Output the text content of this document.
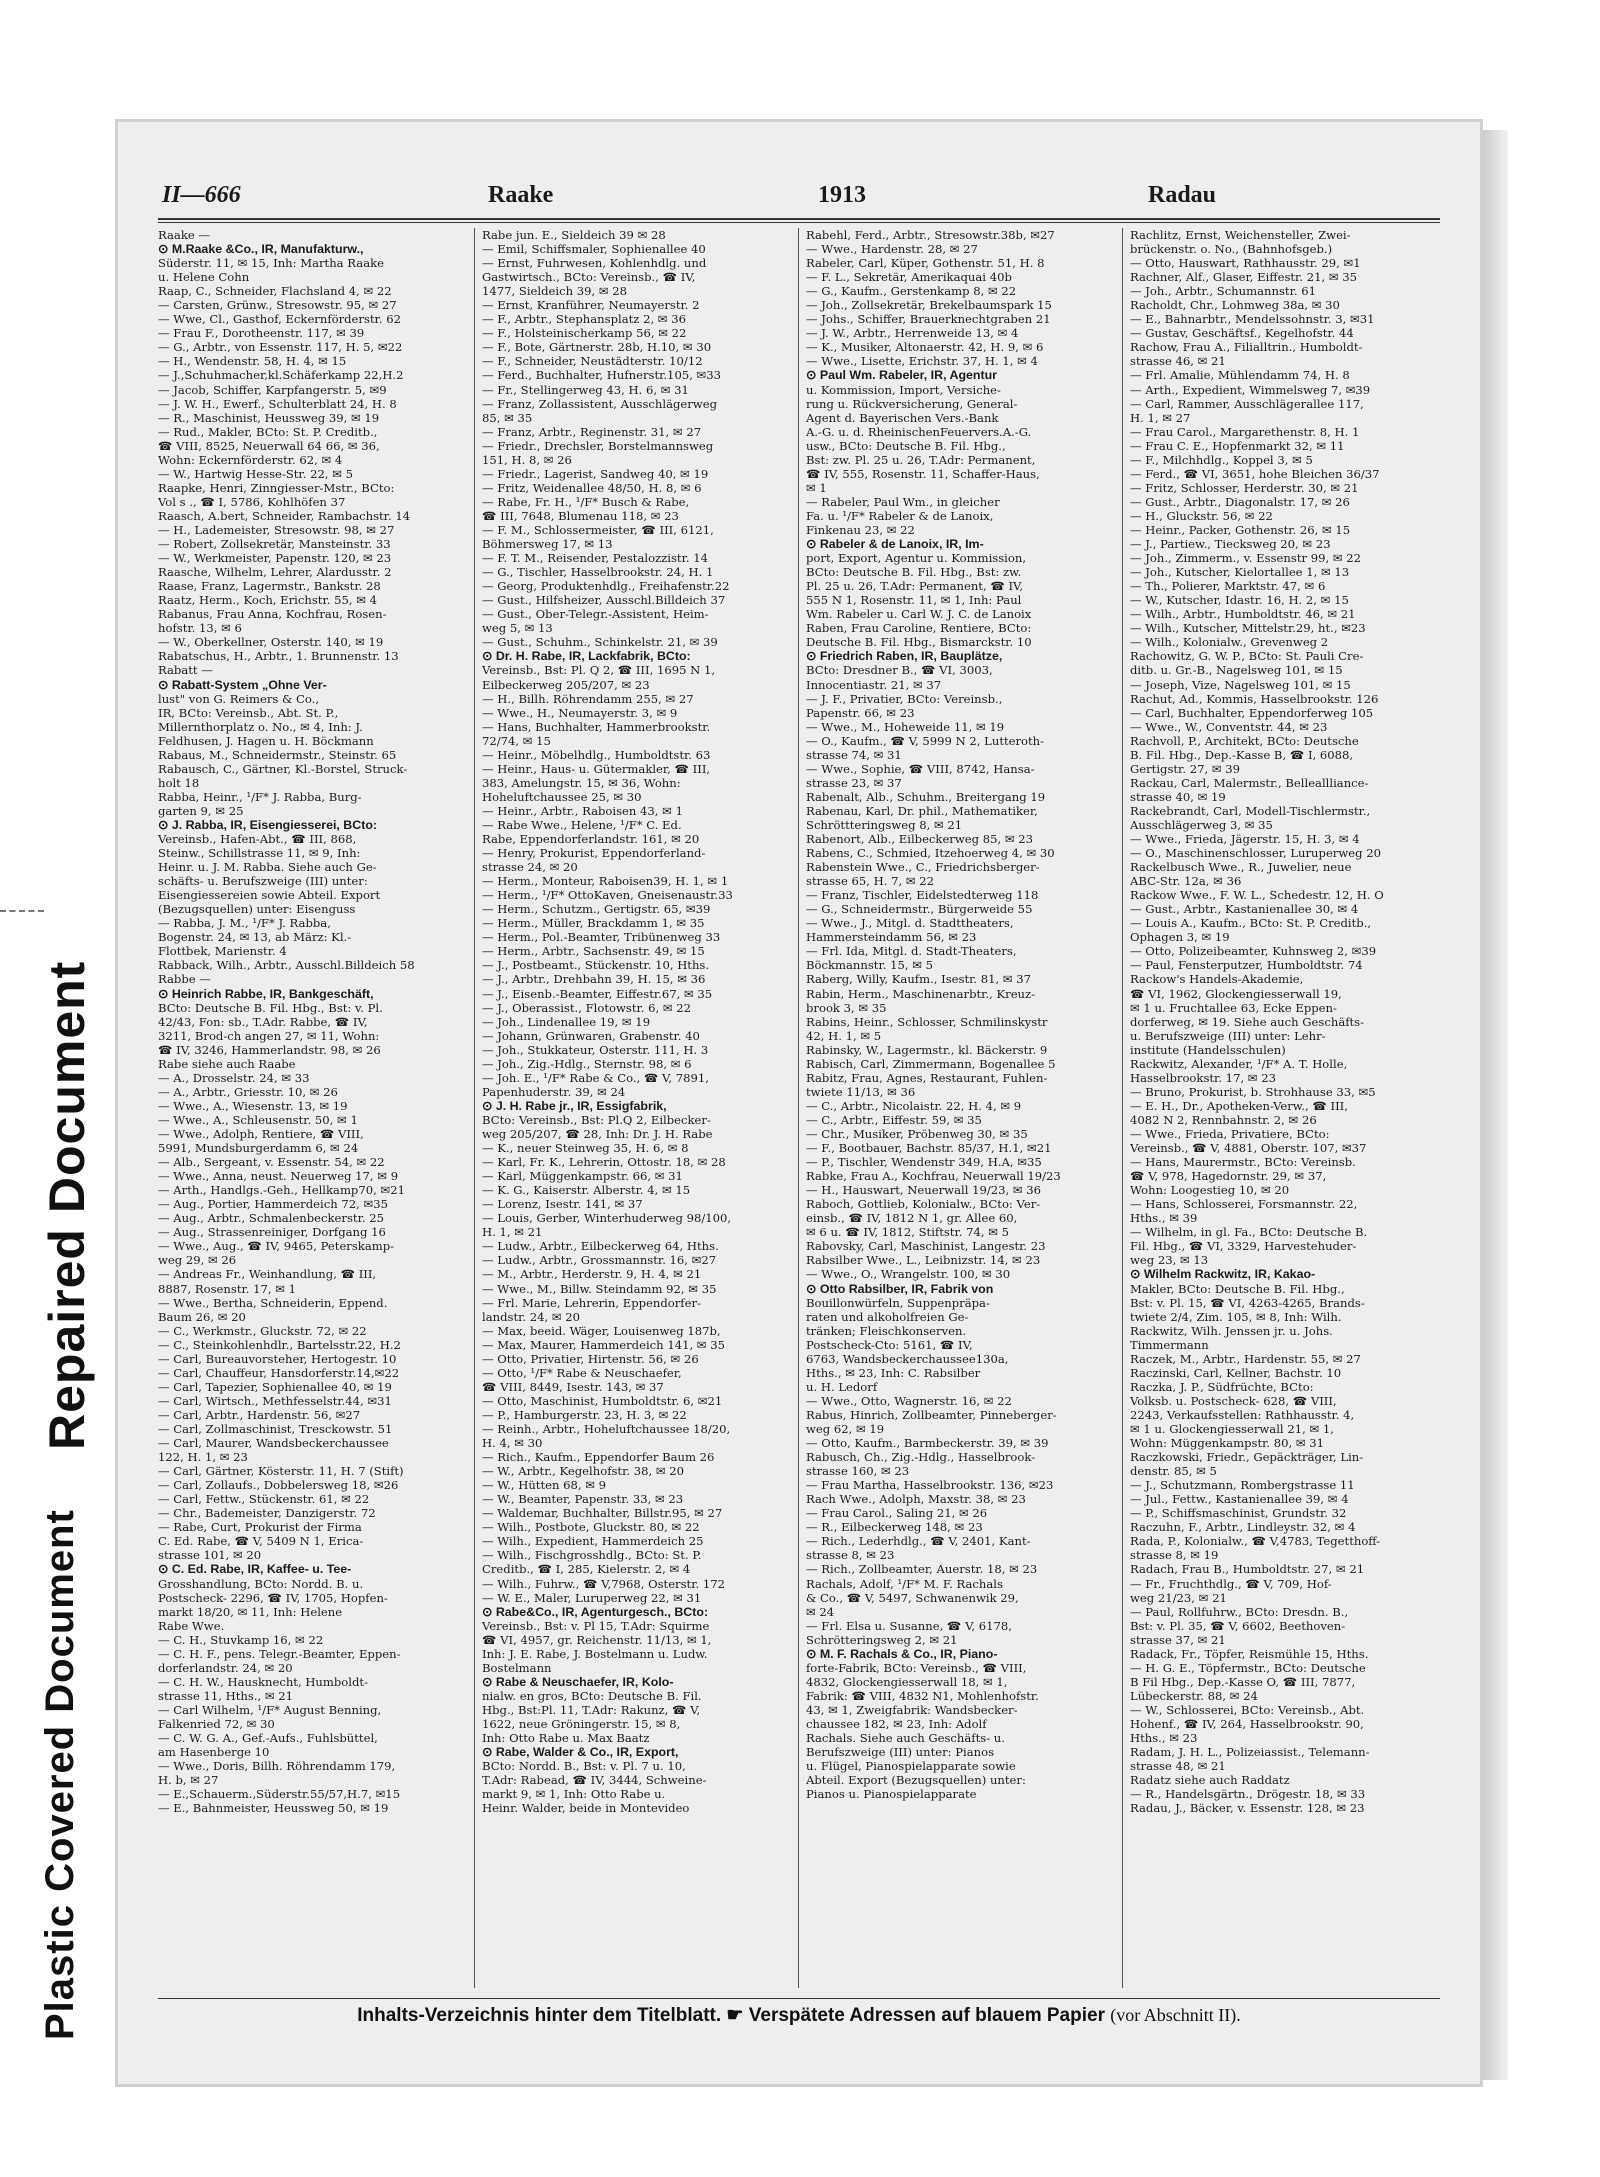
Repaired Document
Plastic Covered Document
II—666	Raake	1913	Radau
Raake —
⊙ M.Raake &Co., IR, Manufakturw.,
Süderstr. 11, ✉ 15, Inh: Martha Raake
u. Helene Cohn
Raap, C., Schneider, Flachsland 4, ✉ 22
— Carsten, Grünw., Stresowstr. 95, ✉ 27
— Wwe, Cl., Gasthof, Eckernförderstr. 62
— Frau F., Dorotheenstr. 117, ✉ 39
— G., Arbtr., von Essenstr. 117, H. 5, ✉22
— H., Wendenstr. 58, H. 4, ✉ 15
— J.,Schuhmacher,kl.Schäferkamp 22,H.2
— Jacob, Schiffer, Karpfangerstr. 5, ✉9
— J. W. H., Ewerf., Schulterblatt 24, H. 8
— R., Maschinist, Heussweg 39, ✉ 19
— Rud., Makler, BCto: St. P. Creditb.,
☎ VIII, 8525, Neuerwall 64 66, ✉ 36,
Wohn: Eckernförderstr. 62, ✉ 4
— W., Hartwig Hesse-Str. 22, ✉ 5
Raapke, Henri, Zinngiesser-Mstr., BCto:
Vol s ., ☎ I, 5786, Kohlhöfen 37
Raasch, A.bert, Schneider, Rambachstr. 14
— H., Lademeister, Stresowstr. 98, ✉ 27
— Robert, Zollsekretär, Mansteinstr. 33
— W., Werkmeister, Papenstr. 120, ✉ 23
Raasche, Wilhelm, Lehrer, Alardusstr. 2
Raase, Franz, Lagermstr., Bankstr. 28
Raatz, Herm., Koch, Erichstr. 55, ✉ 4
Rabanus, Frau Anna, Kochfrau, Rosen-
hofstr. 13, ✉ 6
— W., Oberkellner, Osterstr. 140, ✉ 19
Rabatschus, H., Arbtr., 1. Brunnenstr. 13
Rabatt —
⊙ Rabatt-System „Ohne Ver-
lust" von G. Reimers & Co.,
IR, BCto: Vereinsb., Abt. St. P.,
Millernthorplatz o. No., ✉ 4, Inh: J.
Feldhusen, J. Hagen u. H. Böckmann
Rabaus, M., Schneidermstr., Steinstr. 65
Rabausch, C., Gärtner, Kl.-Borstel, Struck-
holt 18
Rabba, Heinr., ¹/F* J. Rabba, Burg-
garten 9, ✉ 25
⊙ J. Rabba, IR, Eisengiesserei, BCto:
Vereinsb., Hafen-Abt., ☎ III, 868,
Steinw., Schillstrasse 11, ✉ 9, Inh:
Heinr. u. J. M. Rabba. Siehe auch Ge-
schäfts- u. Berufszweige (III) unter:
Eisengiessereien sowie Abteil. Export
(Bezugsquellen) unter: Eisenguss
— Rabba, J. M., ¹/F* J. Rabba,
Bogenstr. 24, ✉ 13, ab März: Kl.-
Flottbek, Marienstr. 4
Rabback, Wilh., Arbtr., Ausschl.Billdeich 58
Rabbe —
⊙ Heinrich Rabbe, IR, Bankgeschäft,
BCto: Deutsche B. Fil. Hbg., Bst: v. Pl.
42/43, Fon: sb., T.Adr. Rabbe, ☎ IV,
3211, Brod-ch angen 27, ✉ 11, Wohn:
☎ IV, 3246, Hammerlandstr. 98, ✉ 26
Rabe siehe auch Raabe
— A., Drosselstr. 24, ✉ 33
— A., Arbtr., Griesstr. 10, ✉ 26
— Wwe., A., Wiesenstr. 13, ✉ 19
— Wwe., A., Schleusenstr. 50, ✉ 1
— Wwe., Adolph, Rentiere, ☎ VIII,
5991, Mundsburgerdamm 6, ✉ 24
— Alb., Sergeant, v. Essenstr. 54, ✉ 22
— Wwe., Anna, neust. Neuerweg 17, ✉ 9
— Arth., Handlgs.-Geh., Hellkamp70, ✉21
— Aug., Portier, Hammerdeich 72, ✉35
— Aug., Arbtr., Schmalenbeckerstr. 25
— Aug., Strassenreiniger, Dorfgang 16
— Wwe., Aug., ☎ IV, 9465, Peterskamp-
weg 29, ✉ 26
— Andreas Fr., Weinhandlung, ☎ III,
8887, Rosenstr. 17, ✉ 1
— Wwe., Bertha, Schneiderin, Eppend.
Baum 26, ✉ 20
— C., Werkmstr., Gluckstr. 72, ✉ 22
— C., Steinkohlenhdlr., Bartelsstr.22, H.2
— Carl, Bureauvorsteher, Hertogestr. 10
— Carl, Chauffeur, Hansdorferstr.14,✉22
— Carl, Tapezier, Sophienallee 40, ✉ 19
— Carl, Wirtsch., Methfesselstr.44, ✉31
— Carl, Arbtr., Hardenstr. 56, ✉27
— Carl, Zollmaschinist, Tresckowstr. 51
— Carl, Maurer, Wandsbeckerchaussee
122, H. 1, ✉ 23
— Carl, Gärtner, Kösterstr. 11, H. 7 (Stift)
— Carl, Zollaufs., Dobbelersweg 18, ✉26
— Carl, Fettw., Stückenstr. 61, ✉ 22
— Chr., Bademeister, Danzigerstr. 72
— Rabe, Curt, Prokurist der Firma
C. Ed. Rabe, ☎ V, 5409 N 1, Erica-
strasse 101, ✉ 20
⊙ C. Ed. Rabe, IR, Kaffee- u. Tee-
Grosshandlung, BCto: Nordd. B. u.
Postscheck- 2296, ☎ IV, 1705, Hopfen-
markt 18/20, ✉ 11, Inh: Helene
Rabe Wwe.
— C. H., Stuvkamp 16, ✉ 22
— C. H. F., pens. Telegr.-Beamter, Eppen-
dorferlandstr. 24, ✉ 20
— C. H. W., Hausknecht, Humboldt-
strasse 11, Hths., ✉ 21
— Carl Wilhelm, ¹/F* August Benning,
Falkenried 72, ✉ 30
— C. W. G. A., Gef.-Aufs., Fuhlsbüttel,
am Hasenberge 10
— Wwe., Doris, Billh. Röhrendamm 179,
H. b, ✉ 27
— E.,Schauerm.,Süderstr.55/57,H.7, ✉15
— E., Bahnmeister, Heussweg 50, ✉ 19
Rabe jun. E., Sieldeich 39 ✉ 28
— Emil, Schiffsmaler, Sophienallee 40
— Ernst, Fuhrwesen, Kohlenhdlg. und
Gastwirtsch., BCto: Vereinsb., ☎ IV,
1477, Sieldeich 39, ✉ 28
— Ernst, Kranführer, Neumayerstr. 2
— F., Arbtr., Stephansplatz 2, ✉ 36
— F., Holsteinischerkamp 56, ✉ 22
— F., Bote, Gärtnerstr. 28b, H.10, ✉ 30
— F., Schneider, Neustädterstr. 10/12
— Ferd., Buchhalter, Hufnerstr.105, ✉33
— Fr., Stellingerweg 43, H. 6, ✉ 31
— Franz, Zollassistent, Ausschlägerweg
85, ✉ 35
— Franz, Arbtr., Reginenstr. 31, ✉ 27
— Friedr., Drechsler, Borstelmannsweg
151, H. 8, ✉ 26
— Friedr., Lagerist, Sandweg 40, ✉ 19
— Fritz, Weidenallee 48/50, H. 8, ✉ 6
— Rabe, Fr. H., ¹/F* Busch & Rabe,
☎ III, 7648, Blumenau 118, ✉ 23
— F. M., Schlossermeister, ☎ III, 6121,
Böhmersweg 17, ✉ 13
— F. T. M., Reisender, Pestalozzistr. 14
— G., Tischler, Hasselbrookstr. 24, H. 1
— Georg, Produktenhdlg., Freihafenstr.22
— Gust., Hilfsheizer, Ausschl.Billdeich 37
— Gust., Ober-Telegr.-Assistent, Heim-
weg 5, ✉ 13
— Gust., Schuhm., Schinkelstr. 21, ✉ 39
⊙ Dr. H. Rabe, IR, Lackfabrik, BCto:
Vereinsb., Bst: Pl. Q 2, ☎ III, 1695 N 1,
Eilbeckerweg 205/207, ✉ 23
— H., Billh. Röhrendamm 255, ✉ 27
— Wwe., H., Neumayerstr. 3, ✉ 9
— Hans, Buchhalter, Hammerbrookstr.
72/74, ✉ 15
— Heinr., Möbelhdlg., Humboldtstr. 63
— Heinr., Haus- u. Gütermakler, ☎ III,
383, Amelungstr. 15, ✉ 36, Wohn:
Hoheluftchaussee 25, ✉ 30
— Heinr., Arbtr., Raboisen 43, ✉ 1
— Rabe Wwe., Helene, ¹/F* C. Ed.
Rabe, Eppendorferlandstr. 161, ✉ 20
— Henry, Prokurist, Eppendorferland-
strasse 24, ✉ 20
— Herm., Monteur, Raboisen39, H. 1, ✉ 1
— Herm., ¹/F* OttoKaven, Gneisenaustr.33
— Herm., Schutzm., Gertigstr. 65, ✉39
— Herm., Müller, Brackdamm 1, ✉ 35
— Herm., Pol.-Beamter, Tribünenweg 33
— Herm., Arbtr., Sachsenstr. 49, ✉ 15
— J., Postbeamt., Stückenstr. 10, Hths.
— J., Arbtr., Drehbahn 39, H. 15, ✉ 36
— J., Eisenb.-Beamter, Eiffestr.67, ✉ 35
— J., Oberassist., Flotowstr. 6, ✉ 22
— Joh., Lindenallee 19, ✉ 19
— Johann, Grünwaren, Grabenstr. 40
— Joh., Stukkateur, Osterstr. 111, H. 3
— Joh., Zig.-Hdlg., Sternstr. 98, ✉ 6
— Joh. E., ¹/F* Rabe & Co., ☎ V, 7891,
Papenhuderstr. 39, ✉ 24
⊙ J. H. Rabe jr., IR, Essigfabrik,
BCto: Vereinsb., Bst: Pl.Q 2, Eilbecker-
weg 205/207, ☎ 28, Inh: Dr. J. H. Rabe
— K., neuer Steinweg 35, H. 6, ✉ 8
— Karl, Fr. K., Lehrerin, Ottostr. 18, ✉ 28
— Karl, Müggenkampstr. 66, ✉ 31
— K. G., Kaiserstr. Alberstr. 4, ✉ 15
— Lorenz, Isestr. 141, ✉ 37
— Louis, Gerber, Winterhuderweg 98/100,
H. 1, ✉ 21
— Ludw., Arbtr., Eilbeckerweg 64, Hths.
— Ludw., Arbtr., Grossmannstr. 16, ✉27
— M., Arbtr., Herderstr. 9, H. 4, ✉ 21
— Wwe., M., Billw. Steindamm 92, ✉ 35
— Frl. Marie, Lehrerin, Eppendorfer-
landstr. 24, ✉ 20
— Max, beeid. Wäger, Louisenweg 187b,
— Max, Maurer, Hammerdeich 141, ✉ 35
— Otto, Privatier, Hirtenstr. 56, ✉ 26
— Otto, ¹/F* Rabe & Neuschaefer,
☎ VIII, 8449, Isestr. 143, ✉ 37
— Otto, Maschinist, Humboldtstr. 6, ✉21
— P., Hamburgerstr. 23, H. 3, ✉ 22
— Reinh., Arbtr., Hoheluftchaussee 18/20,
H. 4, ✉ 30
— Rich., Kaufm., Eppendorfer Baum 26
— W., Arbtr., Kegelhofstr. 38, ✉ 20
— W., Hütten 68, ✉ 9
— W., Beamter, Papenstr. 33, ✉ 23
— Waldemar, Buchhalter, Billstr.95, ✉ 27
— Wilh., Postbote, Gluckstr. 80, ✉ 22
— Wilh., Expedient, Hammerdeich 25
— Wilh., Fischgrosshdlg., BCto: St. P.
Creditb., ☎ I, 285, Kielerstr. 2, ✉ 4
— Wilh., Fuhrw., ☎ V,7968, Osterstr. 172
— W. E., Maler, Luruperweg 22, ✉ 31
⊙ Rabe&Co., IR, Agenturgesch., BCto:
Vereinsb., Bst: v. Pl 15, T.Adr: Squirme
☎ VI, 4957, gr. Reichenstr. 11/13, ✉ 1,
Inh: J. E. Rabe, J. Bostelmann u. Ludw.
Bostelmann
⊙ Rabe & Neuschaefer, IR, Kolo-
nialw. en gros, BCto: Deutsche B. Fil.
Hbg., Bst:Pl. 11, T.Adr: Rakunz, ☎ V,
1622, neue Gröningerstr. 15, ✉ 8,
Inh: Otto Rabe u. Max Baatz
⊙ Rabe, Walder & Co., IR, Export,
BCto: Nordd. B., Bst: v. Pl. 7 u. 10,
T.Adr: Rabead, ☎ IV, 3444, Schweine-
markt 9, ✉ 1, Inh: Otto Rabe u.
Heinr. Walder, beide in Montevideo
Rabehl, Ferd., Arbtr., Stresowstr.38b, ✉27
— Wwe., Hardenstr. 28, ✉ 27
Rabeler, Carl, Küper, Gothenstr. 51, H. 8
— F. L., Sekretär, Amerikaquai 40b
— G., Kaufm., Gerstenkamp 8, ✉ 22
— Joh., Zollsekretär, Brekelbaumspark 15
— Johs., Schiffer, Brauerknechtgraben 21
— J. W., Arbtr., Herrenweide 13, ✉ 4
— K., Musiker, Altonaerstr. 42, H. 9, ✉ 6
— Wwe., Lisette, Erichstr. 37, H. 1, ✉ 4
⊙ Paul Wm. Rabeler, IR, Agentur
u. Kommission, Import, Versiche-
rung u. Rückversicherung, General-
Agent d. Bayerischen Vers.-Bank
A.-G. u. d. RheinischenFeuervers.A.-G.
usw., BCto: Deutsche B. Fil. Hbg.,
Bst: zw. Pl. 25 u. 26, T.Adr: Permanent,
☎ IV, 555, Rosenstr. 11, Schaffer-Haus,
✉ 1
— Rabeler, Paul Wm., in gleicher
Fa. u. ¹/F* Rabeler & de Lanoix,
Finkenau 23, ✉ 22
⊙ Rabeler & de Lanoix, IR, Im-
port, Export, Agentur u. Kommission,
BCto: Deutsche B. Fil. Hbg., Bst: zw.
Pl. 25 u. 26, T.Adr: Permanent, ☎ IV,
555 N 1, Rosenstr. 11, ✉ 1, Inh: Paul
Wm. Rabeler u. Carl W. J. C. de Lanoix
Raben, Frau Caroline, Rentiere, BCto:
Deutsche B. Fil. Hbg., Bismarckstr. 10
⊙ Friedrich Raben, IR, Bauplätze,
BCto: Dresdner B., ☎ VI, 3003,
Innocentiastr. 21, ✉ 37
— J. F., Privatier, BCto: Vereinsb.,
Papenstr. 66, ✉ 23
— Wwe., M., Hoheweide 11, ✉ 19
— O., Kaufm., ☎ V, 5999 N 2, Lutteroth-
strasse 74, ✉ 31
— Wwe., Sophie, ☎ VIII, 8742, Hansa-
strasse 23, ✉ 37
Rabenalt, Alb., Schuhm., Breitergang 19
Rabenau, Karl, Dr. phil., Mathematiker,
Schröttteringsweg 8, ✉ 21
Rabenort, Alb., Eilbeckerweg 85, ✉ 23
Rabens, C., Schmied, Itzehoerweg 4, ✉ 30
Rabenstein Wwe., C., Friedrichsberger-
strasse 65, H. 7, ✉ 22
— Franz, Tischler, Eidelstedterweg 118
— G., Schneidermstr., Bürgerweide 55
— Wwe., J., Mitgl. d. Stadttheaters,
Hammersteindamm 56, ✉ 23
— Frl. Ida, Mitgl. d. Stadt-Theaters,
Böckmannstr. 15, ✉ 5
Raberg, Willy, Kaufm., Isestr. 81, ✉ 37
Rabin, Herm., Maschinenarbtr., Kreuz-
brook 3, ✉ 35
Rabins, Heinr., Schlosser, Schmilinskystr
42, H. 1, ✉ 5
Rabinsky, W., Lagermstr., kl. Bäckerstr. 9
Rabisch, Carl, Zimmermann, Bogenallee 5
Rabitz, Frau, Agnes, Restaurant, Fuhlen-
twiete 11/13, ✉ 36
— C., Arbtr., Nicolaistr. 22, H. 4, ✉ 9
— C., Arbtr., Eiffestr. 59, ✉ 35
— Chr., Musiker, Pröbenweg 30, ✉ 35
— F., Bootbauer, Bachstr. 85/37, H.1, ✉21
— P., Tischler, Wendenstr 349, H.A, ✉35
Rabke, Frau A., Kochfrau, Neuerwall 19/23
— H., Hauswart, Neuerwall 19/23, ✉ 36
Raboch, Gottlieb, Kolonialw., BCto: Ver-
einsb., ☎ IV, 1812 N 1, gr. Allee 60,
✉ 6 u. ☎ IV, 1812, Stiftstr. 74, ✉ 5
Rabovsky, Carl, Maschinist, Langestr. 23
Rabsilber Wwe., L., Leibnizstr. 14, ✉ 23
— Wwe., O., Wrangelstr. 100, ✉ 30
⊙ Otto Rabsilber, IR, Fabrik von
Bouillonwürfeln, Suppenpräpa-
raten und alkoholfreien Ge-
tränken; Fleischkonserven.
Postscheck-Cto: 5161, ☎ IV,
6763, Wandsbeckerchaussee130a,
Hths., ✉ 23, Inh: C. Rabsilber
u. H. Ledorf
— Wwe., Otto, Wagnerstr. 16, ✉ 22
Rabus, Hinrich, Zollbeamter, Pinneberger-
weg 62, ✉ 19
— Otto, Kaufm., Barmbeckerstr. 39, ✉ 39
Rabusch, Ch., Zig.-Hdlg., Hasselbrook-
strasse 160, ✉ 23
— Frau Martha, Hasselbrookstr. 136, ✉23
Rach Wwe., Adolph, Maxstr. 38, ✉ 23
— Frau Carol., Saling 21, ✉ 26
— R., Eilbeckerweg 148, ✉ 23
— Rich., Lederhdlg., ☎ V, 2401, Kant-
strasse 8, ✉ 23
— Rich., Zollbeamter, Auerstr. 18, ✉ 23
Rachals, Adolf, ¹/F* M. F. Rachals
& Co., ☎ V, 5497, Schwanenwik 29,
✉ 24
— Frl. Elsa u. Susanne, ☎ V, 6178,
Schrötteringsweg 2, ✉ 21
⊙ M. F. Rachals & Co., IR, Piano-
forte-Fabrik, BCto: Vereinsb., ☎ VIII,
4832, Glockengiesserwall 18, ✉ 1,
Fabrik: ☎ VIII, 4832 N1, Mohlenhofstr.
43, ✉ 1, Zweigfabrik: Wandsbecker-
chaussee 182, ✉ 23, Inh: Adolf
Rachals. Siehe auch Geschäfts- u.
Berufszweige (III) unter: Pianos
u. Flügel, Pianospielapparate sowie
Abteil. Export (Bezugsquellen) unter:
Pianos u. Pianospielapparate
Rachlitz, Ernst, Weichensteller, Zwei-
brückenstr. o. No., (Bahnhofsgeb.)
— Otto, Hauswart, Rathhausstr. 29, ✉1
Rachner, Alf., Glaser, Eiffestr. 21, ✉ 35
— Joh., Arbtr., Schumannstr. 61
Racholdt, Chr., Lohmweg 38a, ✉ 30
— E., Bahnarbtr., Mendelssohnstr. 3, ✉31
— Gustav, Geschäftsf., Kegelhofstr. 44
Rachow, Frau A., Filialltrin., Humboldt-
strasse 46, ✉ 21
— Frl. Amalie, Mühlendamm 74, H. 8
— Arth., Expedient, Wimmelsweg 7, ✉39
— Carl, Rammer, Ausschlägerallee 117,
H. 1, ✉ 27
— Frau Carol., Margarethenstr. 8, H. 1
— Frau C. E., Hopfenmarkt 32, ✉ 11
— F., Milchhdlg., Koppel 3, ✉ 5
— Ferd., ☎ VI, 3651, hohe Bleichen 36/37
— Fritz, Schlosser, Herderstr. 30, ✉ 21
— Gust., Arbtr., Diagonalstr. 17, ✉ 26
— H., Gluckstr. 56, ✉ 22
— Heinr., Packer, Gothenstr. 26, ✉ 15
— J., Partiew., Tiecksweg 20, ✉ 23
— Joh., Zimmerm., v. Essenstr 99, ✉ 22
— Joh., Kutscher, Kielortallee 1, ✉ 13
— Th., Polierer, Marktstr. 47, ✉ 6
— W., Kutscher, Idastr. 16, H. 2, ✉ 15
— Wilh., Arbtr., Humboldtstr. 46, ✉ 21
— Wilh., Kutscher, Mittelstr.29, ht., ✉23
— Wilh., Kolonialw., Grevenweg 2
Rachowitz, G. W. P., BCto: St. Pauli Cre-
ditb. u. Gr.-B., Nagelsweg 101, ✉ 15
— Joseph, Vize, Nagelsweg 101, ✉ 15
Rachut, Ad., Kommis, Hasselbrookstr. 126
— Carl, Buchhalter, Eppendorferweg 105
— Wwe., W., Conventstr. 44, ✉ 23
Rachvoll, P., Architekt, BCto: Deutsche
B. Fil. Hbg., Dep.-Kasse B, ☎ I, 6088,
Gertigstr. 27, ✉ 39
Rackau, Carl, Malermstr., Belleallliance-
strasse 40, ✉ 19
Rackebrandt, Carl, Modell-Tischlermstr.,
Ausschlägerweg 3, ✉ 35
— Wwe., Frieda, Jägerstr. 15, H. 3, ✉ 4
— O., Maschinenschlosser, Luruperweg 20
Rackelbusch Wwe., R., Juwelier, neue
ABC-Str. 12a, ✉ 36
Rackow Wwe., F. W. L., Schedestr. 12, H. O
— Gust., Arbtr., Kastanienallee 30, ✉ 4
— Louis A., Kaufm., BCto: St. P. Creditb.,
Ophagen 3, ✉ 19
— Otto, Polizeibeamter, Kuhnsweg 2, ✉39
— Paul, Fensterputzer, Humboldtstr. 74
Rackow's Handels-Akademie,
☎ VI, 1962, Glockengiesserwall 19,
✉ 1 u. Fruchtallee 63, Ecke Eppen-
dorferweg, ✉ 19. Siehe auch Geschäfts-
u. Berufszweige (III) unter: Lehr-
institute (Handelsschulen)
Rackwitz, Alexander, ¹/F* A. T. Holle,
Hasselbrookstr. 17, ✉ 23
— Bruno, Prokurist, b. Strohhause 33, ✉5
— E. H., Dr., Apotheken-Verw., ☎ III,
4082 N 2, Rennbahnstr. 2, ✉ 26
— Wwe., Frieda, Privatiere, BCto:
Vereinsb., ☎ V, 4881, Oberstr. 107, ✉37
— Hans, Maurermstr., BCto: Vereinsb.
☎ V, 978, Hagedornstr. 29, ✉ 37,
Wohn: Loogestieg 10, ✉ 20
— Hans, Schlosserei, Forsmannstr. 22,
Hths., ✉ 39
— Wilhelm, in gl. Fa., BCto: Deutsche B.
Fil. Hbg., ☎ VI, 3329, Harvestehuder-
weg 23, ✉ 13
⊙ Wilhelm Rackwitz, IR, Kakao-
Makler, BCto: Deutsche B. Fil. Hbg.,
Bst: v. Pl. 15, ☎ VI, 4263-4265, Brands-
twiete 2/4, Zim. 105, ✉ 8, Inh: Wilh.
Rackwitz, Wilh. Jenssen jr. u. Johs.
Timmermann
Raczek, M., Arbtr., Hardenstr. 55, ✉ 27
Raczinski, Carl, Kellner, Bachstr. 10
Raczka, J. P., Südfrüchte, BCto:
Volksb. u. Postscheck- 628, ☎ VIII,
2243, Verkaufsstellen: Rathhausstr. 4,
✉ 1 u. Glockengiesserwall 21, ✉ 1,
Wohn: Müggenkampstr. 80, ✉ 31
Raczkowski, Friedr., Gepäckträger, Lin-
denstr. 85, ✉ 5
— J., Schutzmann, Rombergstrasse 11
— Jul., Fettw., Kastanienallee 39, ✉ 4
— P., Schiffsmaschinist, Grundstr. 32
Raczuhn, F., Arbtr., Lindleystr. 32, ✉ 4
Rada, P., Kolonialw., ☎ V,4783, Tegetthoff-
strasse 8, ✉ 19
Radach, Frau B., Humboldtstr. 27, ✉ 21
— Fr., Fruchthdlg., ☎ V, 709, Hof-
weg 21/23, ✉ 21
— Paul, Rollfuhrw., BCto: Dresdn. B.,
Bst: v. Pl. 35, ☎ V, 6602, Beethoven-
strasse 37, ✉ 21
Radack, Fr., Töpfer, Reismühle 15, Hths.
— H. G. E., Töpfermstr., BCto: Deutsche
B Fil Hbg., Dep.-Kasse O, ☎ III, 7877,
Lübeckerstr. 88, ✉ 24
— W., Schlosserei, BCto: Vereinsb., Abt.
Hohenf., ☎ IV, 264, Hasselbrookstr. 90,
Hths., ✉ 23
Radam, J. H. L., Polizeiassist., Telemann-
strasse 48, ✉ 21
Radatz siehe auch Raddatz
— R., Handelsgärtn., Drögestr. 18, ✉ 33
Radau, J., Bäcker, v. Essenstr. 128, ✉ 23
Inhalts-Verzeichnis hinter dem Titelblatt. ☛ Verspätete Adressen auf blauem Papier (vor Abschnitt II).
